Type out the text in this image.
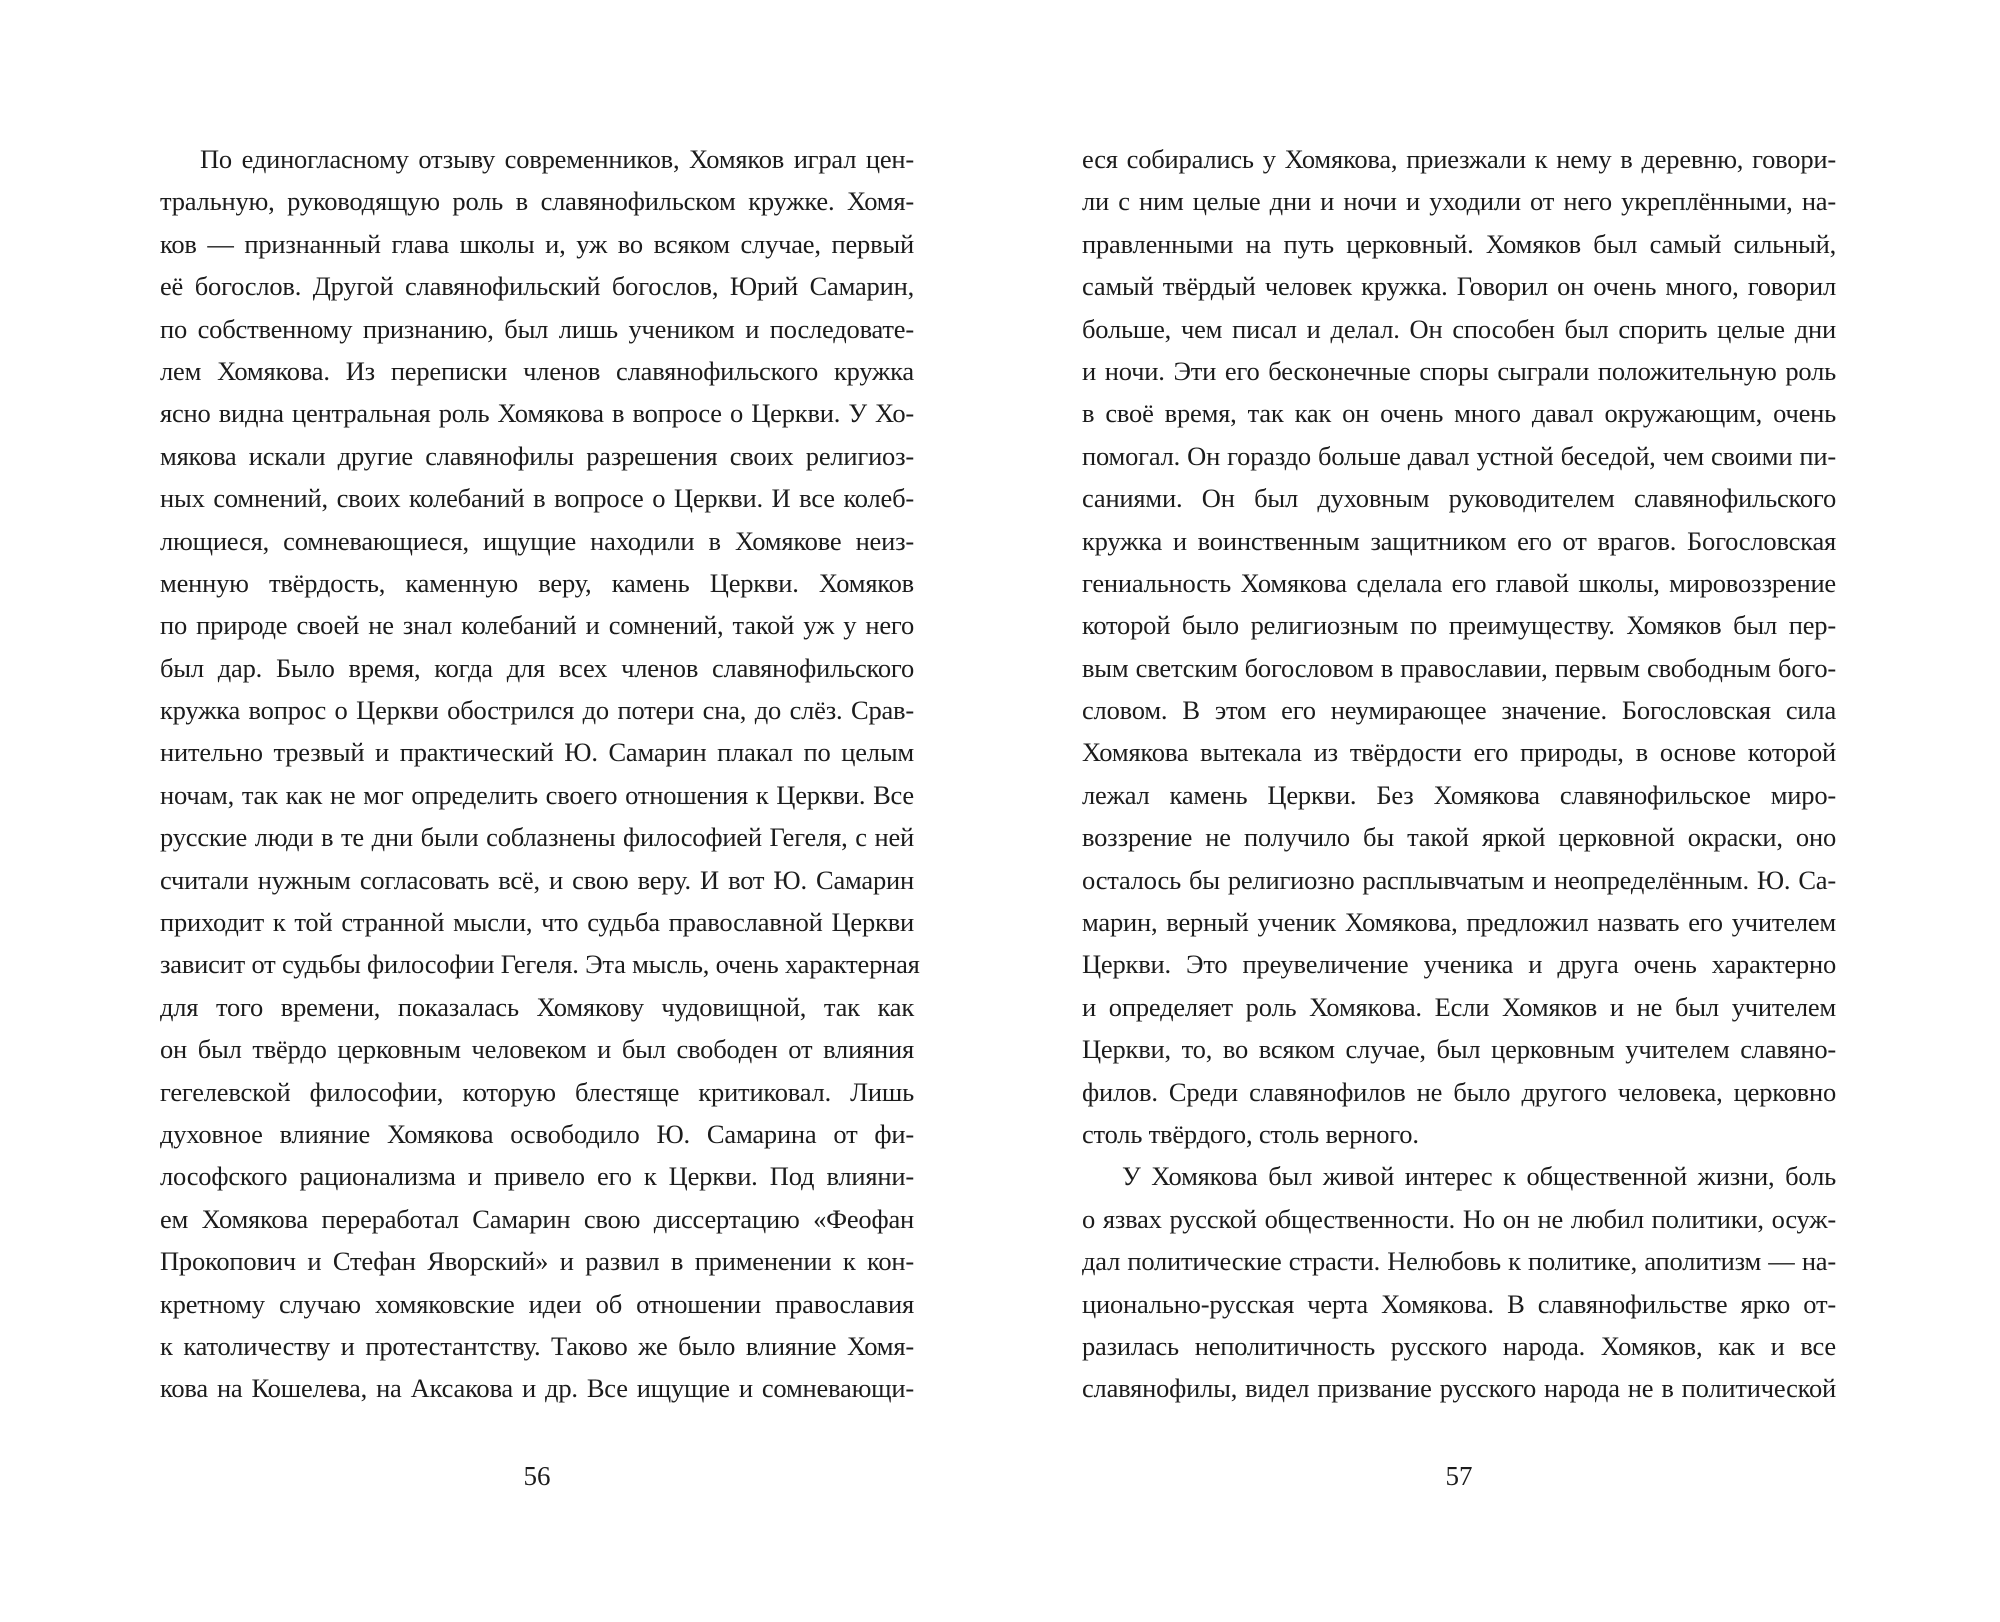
По единогласному отзыву современников, Хомяков играл цен-
тральную, руководящую роль в славянофильском кружке. Хомя-
ков — признанный глава школы и, уж во всяком случае, первый
её богослов. Другой славянофильский богослов, Юрий Самарин,
по собственному признанию, был лишь учеником и последовате-
лем Хомякова. Из переписки членов славянофильского кружка
ясно видна центральная роль Хомякова в вопросе о Церкви. У Хо-
мякова искали другие славянофилы разрешения своих религиоз-
ных сомнений, своих колебаний в вопросе о Церкви. И все колеб-
лющиеся, сомневающиеся, ищущие находили в Хомякове неиз-
менную твёрдость, каменную веру, камень Церкви. Хомяков
по природе своей не знал колебаний и сомнений, такой уж у него
был дар. Было время, когда для всех членов славянофильского
кружка вопрос о Церкви обострился до потери сна, до слёз. Срав-
нительно трезвый и практический Ю. Самарин плакал по целым
ночам, так как не мог определить своего отношения к Церкви. Все
русские люди в те дни были соблазнены философией Гегеля, с ней
считали нужным согласовать всё, и свою веру. И вот Ю. Самарин
приходит к той странной мысли, что судьба православной Церкви
зависит от судьбы философии Гегеля. Эта мысль, очень характерная
для того времени, показалась Хомякову чудовищной, так как
он был твёрдо церковным человеком и был свободен от влияния
гегелевской философии, которую блестяще критиковал. Лишь
духовное влияние Хомякова освободило Ю. Самарина от фи-
лософского рационализма и привело его к Церкви. Под влияни-
ем Хомякова переработал Самарин свою диссертацию «Феофан
Прокопович и Стефан Яворский» и развил в применении к кон-
кретному случаю хомяковские идеи об отношении православия
к католичеству и протестантству. Таково же было влияние Хомя-
кова на Кошелева, на Аксакова и др. Все ищущие и сомневающи-
56
еся собирались у Хомякова, приезжали к нему в деревню, говори-
ли с ним целые дни и ночи и уходили от него укреплёнными, на-
правленными на путь церковный. Хомяков был самый сильный,
самый твёрдый человек кружка. Говорил он очень много, говорил
больше, чем писал и делал. Он способен был спорить целые дни
и ночи. Эти его бесконечные споры сыграли положительную роль
в своё время, так как он очень много давал окружающим, очень
помогал. Он гораздо больше давал устной беседой, чем своими пи-
саниями. Он был духовным руководителем славянофильского
кружка и воинственным защитником его от врагов. Богословская
гениальность Хомякова сделала его главой школы, мировоззрение
которой было религиозным по преимуществу. Хомяков был пер-
вым светским богословом в православии, первым свободным бого-
словом. В этом его неумирающее значение. Богословская сила
Хомякова вытекала из твёрдости его природы, в основе которой
лежал камень Церкви. Без Хомякова славянофильское миро-
воззрение не получило бы такой яркой церковной окраски, оно
осталось бы религиозно расплывчатым и неопределённым. Ю. Са-
марин, верный ученик Хомякова, предложил назвать его учителем
Церкви. Это преувеличение ученика и друга очень характерно
и определяет роль Хомякова. Если Хомяков и не был учителем
Церкви, то, во всяком случае, был церковным учителем славяно-
филов. Среди славянофилов не было другого человека, церковно
столь твёрдого, столь верного.
У Хомякова был живой интерес к общественной жизни, боль
о язвах русской общественности. Но он не любил политики, осуж-
дал политические страсти. Нелюбовь к политике, аполитизм — на-
ционально-русская черта Хомякова. В славянофильстве ярко от-
разилась неполитичность русского народа. Хомяков, как и все
славянофилы, видел призвание русского народа не в политической
57
